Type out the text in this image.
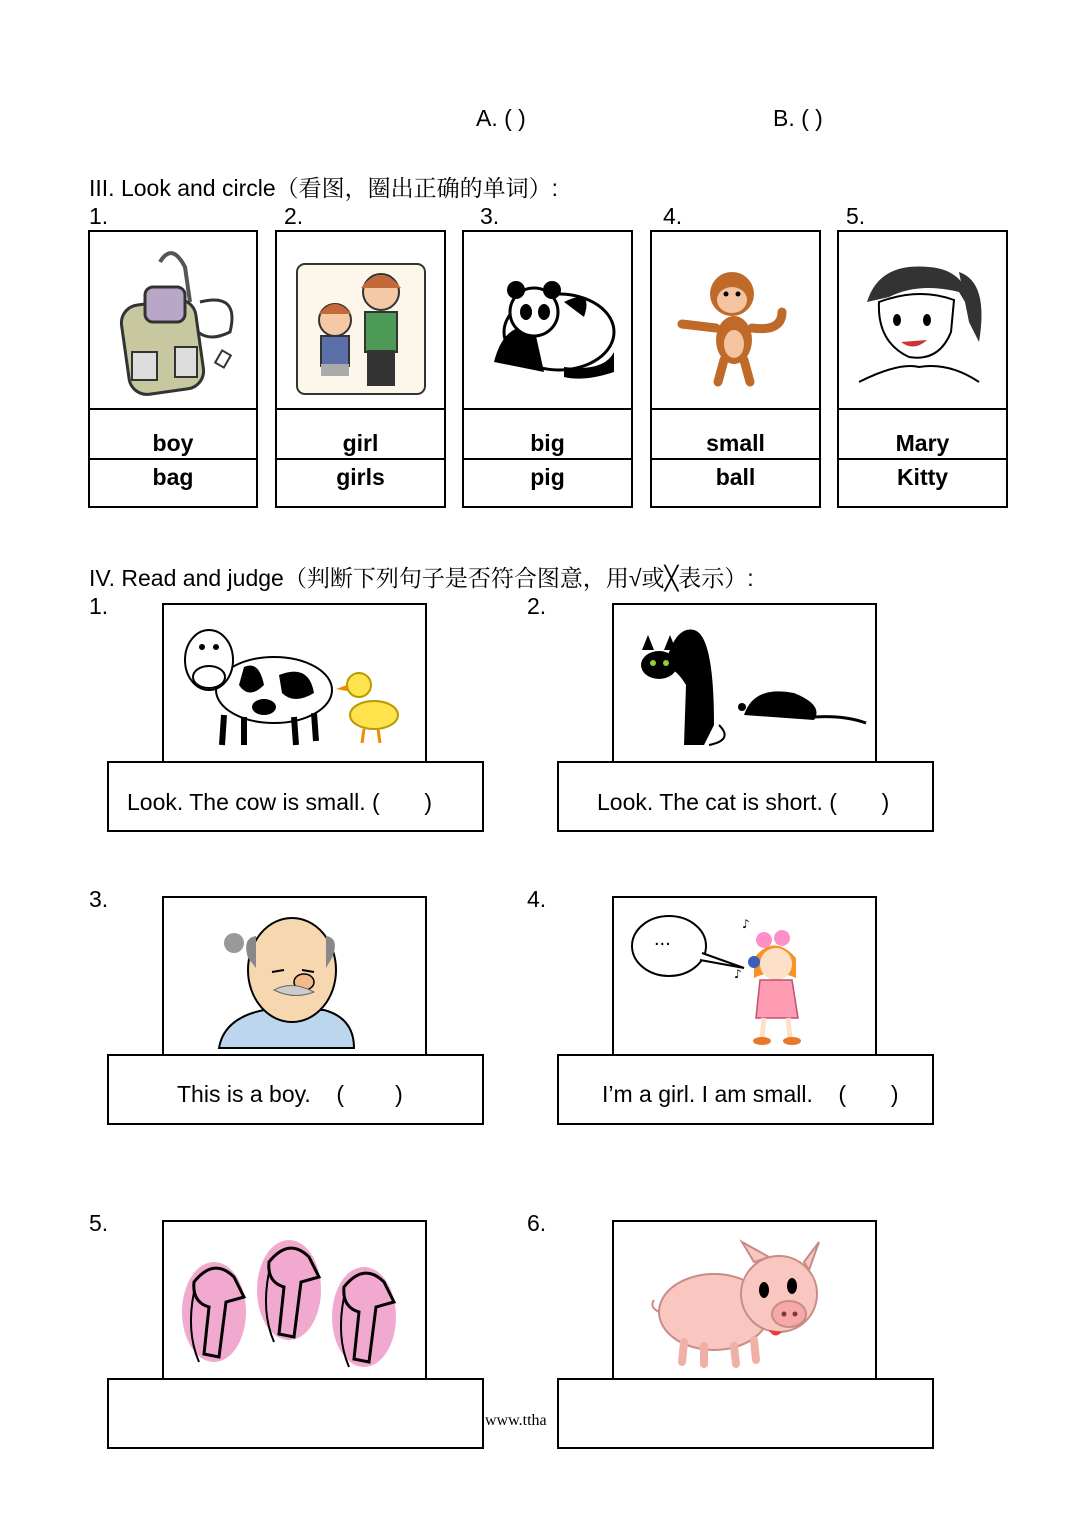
A. ( )	B. ( )
III. Look and circle（看图，圈出正确的单词）:
1.
boy
bag
2.
girl
girls
3.
big
pig
4.
small
ball
5.
Mary
Kitty
IV. Read and judge（判断下列句子是否符合图意，用√或╳表示）:
1.
Look. The cow is small. (       )
2.
Look. The cat is short. (       )
3.
This is a boy.    (        )
4.
...
♪
♪
I’m a girl. I am small.    (       )
5.	6.
www.ttha
